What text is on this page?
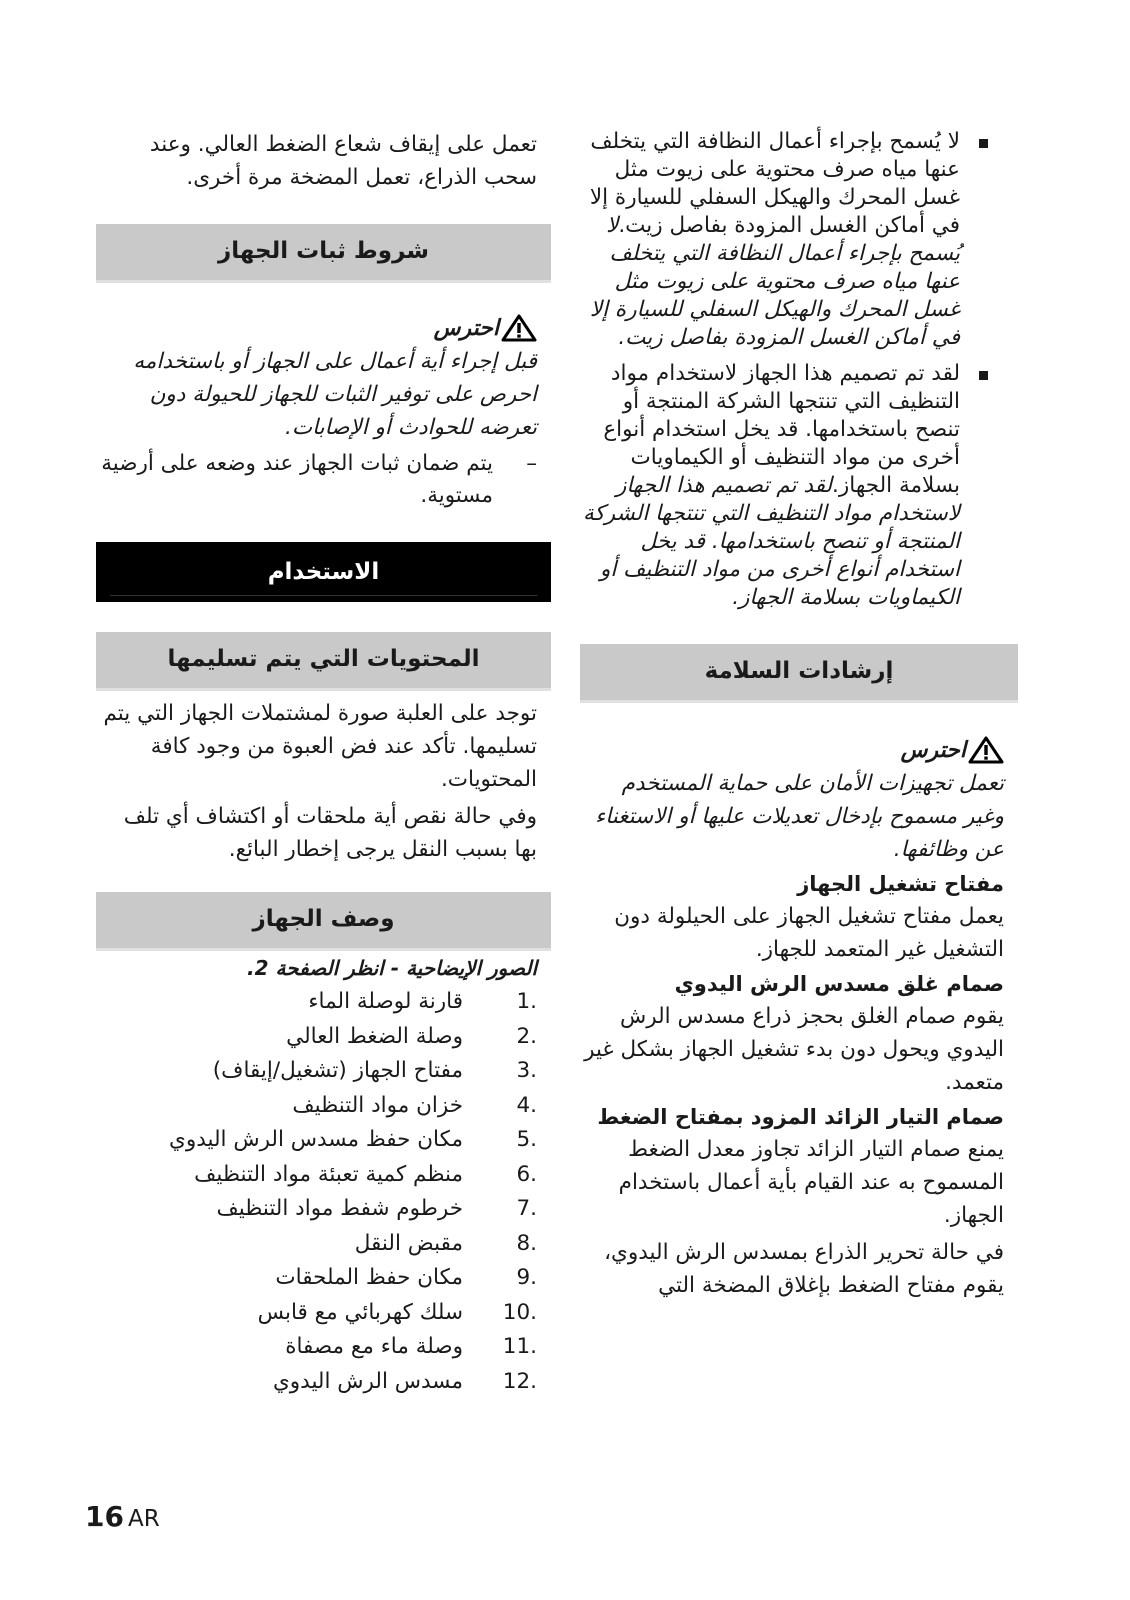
لا يُسمح بإجراء أعمال النظافة التي يتخلف عنها مياه صرف محتوية على زيوت مثل غسل المحرك والهيكل السفلي للسيارة إلا في أماكن الغسل المزودة بفاصل زيت.لا يُسمح بإجراء أعمال النظافة التي يتخلف عنها مياه صرف محتوية على زيوت مثل غسل المحرك والهيكل السفلي للسيارة إلا في أماكن الغسل المزودة بفاصل زيت.
لقد تم تصميم هذا الجهاز لاستخدام مواد التنظيف التي تنتجها الشركة المنتجة أو تنصح باستخدامها. قد يخل استخدام أنواع أخرى من مواد التنظيف أو الكيماويات بسلامة الجهاز.لقد تم تصميم هذا الجهاز لاستخدام مواد التنظيف التي تنتجها الشركة المنتجة أو تنصح باستخدامها. قد يخل استخدام أنواع أخرى من مواد التنظيف أو الكيماويات بسلامة الجهاز.
إرشادات السلامة
احترس

تعمل تجهيزات الأمان على حماية المستخدم وغير مسموح بإدخال تعديلات عليها أو الاستغناء عن وظائفها.

مفتاح تشغيل الجهاز

يعمل مفتاح تشغيل الجهاز على الحيلولة دون التشغيل غير المتعمد للجهاز.

صمام غلق مسدس الرش اليدوي

يقوم صمام الغلق بحجز ذراع مسدس الرش اليدوي ويحول دون بدء تشغيل الجهاز بشكل غير متعمد.

صمام التيار الزائد المزود بمفتاح الضغط

يمنع صمام التيار الزائد تجاوز معدل الضغط المسموح به عند القيام بأية أعمال باستخدام الجهاز.

في حالة تحرير الذراع بمسدس الرش اليدوي، يقوم مفتاح الضغط بإغلاق المضخة التي

تعمل على إيقاف شعاع الضغط العالي. وعند سحب الذراع، تعمل المضخة مرة أخرى.

شروط ثبات الجهاز
احترس

قبل إجراء أية أعمال على الجهاز أو باستخدامه احرص على توفير الثبات للجهاز للحيولة دون تعرضه للحوادث أو الإصابات.

–
يتم ضمان ثبات الجهاز عند وضعه على أرضية مستوية.
الاستخدام
المحتويات التي يتم تسليمها

توجد على العلبة صورة لمشتملات الجهاز التي يتم تسليمها. تأكد عند فض العبوة من وجود كافة المحتويات.

وفي حالة نقص أية ملحقات أو اكتشاف أي تلف بها بسبب النقل يرجى إخطار البائع.

وصف الجهاز

الصور الإيضاحية - انظر الصفحة 2.

1.
قارنة لوصلة الماء
2.
وصلة الضغط العالي
3.
مفتاح الجهاز (تشغيل/إيقاف)
4.
خزان مواد التنظيف
5.
مكان حفظ مسدس الرش اليدوي
6.
منظم كمية تعبئة مواد التنظيف
7.
خرطوم شفط مواد التنظيف
8.
مقبض النقل
9.
مكان حفظ الملحقات
10.
سلك كهربائي مع قابس
11.
وصلة ماء مع مصفاة
12.
مسدس الرش اليدوي
16 AR
